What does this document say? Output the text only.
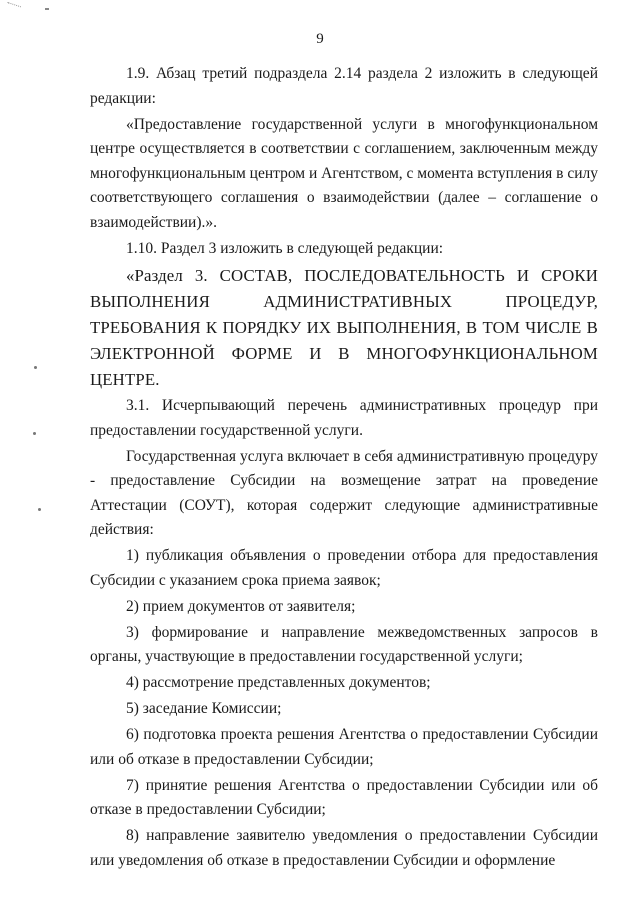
9

1.9. Абзац третий подраздела 2.14 раздела 2 изложить в следующей редакции:

«Предоставление государственной услуги в многофункциональном центре осуществляется в соответствии с соглашением, заключенным между многофункциональным центром и Агентством, с момента вступления в силу соответствующего соглашения о взаимодействии (далее – соглашение о взаимодействии).».

1.10. Раздел 3 изложить в следующей редакции:

«Раздел 3. СОСТАВ, ПОСЛЕДОВАТЕЛЬНОСТЬ И СРОКИ ВЫПОЛНЕНИЯ АДМИНИСТРАТИВНЫХ ПРОЦЕДУР, ТРЕБОВАНИЯ К ПОРЯДКУ ИХ ВЫПОЛНЕНИЯ, В ТОМ ЧИСЛЕ В ЭЛЕКТРОННОЙ ФОРМЕ И В МНОГОФУНКЦИОНАЛЬНОМ ЦЕНТРЕ.

3.1. Исчерпывающий перечень административных процедур при предоставлении государственной услуги.

Государственная услуга включает в себя административную процедуру - предоставление Субсидии на возмещение затрат на проведение Аттестации (СОУТ), которая содержит следующие административные действия:

1) публикация объявления о проведении отбора для предоставления Субсидии с указанием срока приема заявок;

2) прием документов от заявителя;

3) формирование и направление межведомственных запросов в органы, участвующие в предоставлении государственной услуги;

4) рассмотрение представленных документов;

5) заседание Комиссии;

6) подготовка проекта решения Агентства о предоставлении Субсидии или об отказе в предоставлении Субсидии;

7) принятие решения Агентства о предоставлении Субсидии или об отказе в предоставлении Субсидии;

8) направление заявителю уведомления о предоставлении Субсидии или уведомления об отказе в предоставлении Субсидии и оформление
